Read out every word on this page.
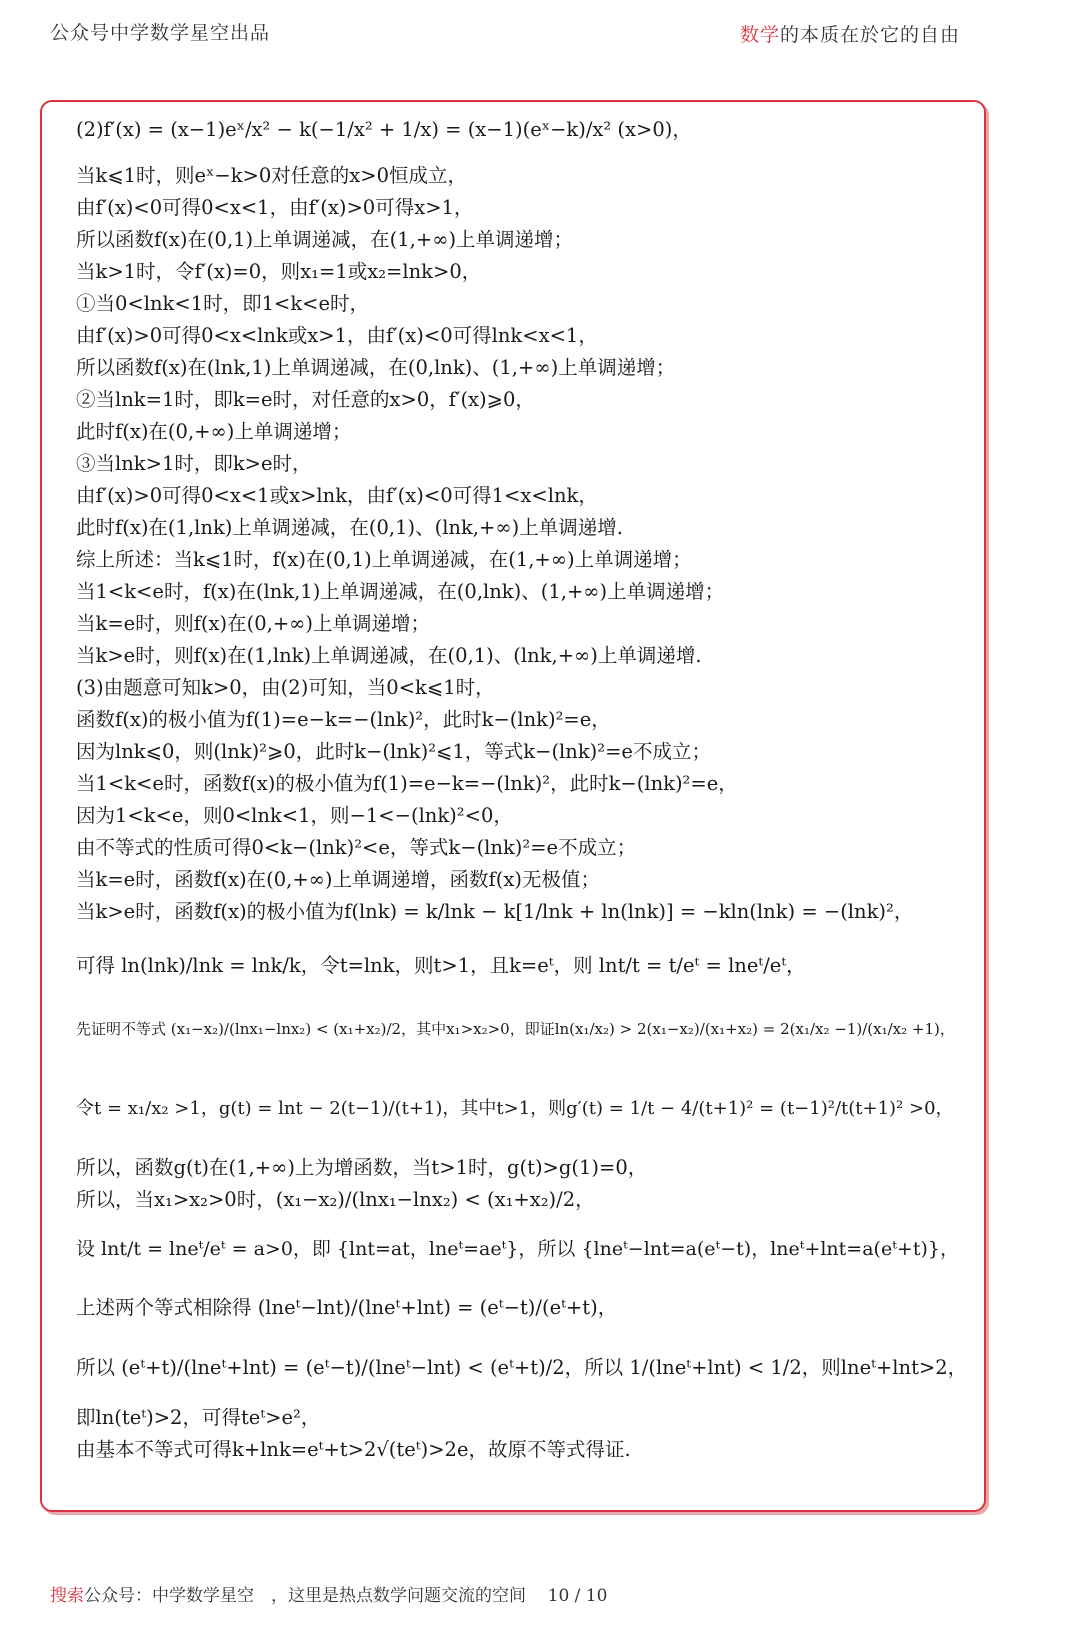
公众号中学数学星空出品	数学的本质在於它的自由
(2)f′(x) = (x−1)eˣ/x² − k(−1/x² + 1/x) = (x−1)(eˣ−k)/x² (x>0)，
当k⩽1时，则eˣ−k>0对任意的x>0恒成立，
由f′(x)<0可得0<x<1，由f′(x)>0可得x>1，
所以函数f(x)在(0,1)上单调递减，在(1,+∞)上单调递增；
当k>1时，令f′(x)=0，则x₁=1或x₂=lnk>0，
①当0<lnk<1时，即1<k<e时，
由f′(x)>0可得0<x<lnk或x>1，由f′(x)<0可得lnk<x<1，
所以函数f(x)在(lnk,1)上单调递减，在(0,lnk)、(1,+∞)上单调递增；
②当lnk=1时，即k=e时，对任意的x>0，f′(x)⩾0，
此时f(x)在(0,+∞)上单调递增；
③当lnk>1时，即k>e时，
由f′(x)>0可得0<x<1或x>lnk，由f′(x)<0可得1<x<lnk，
此时f(x)在(1,lnk)上单调递减，在(0,1)、(lnk,+∞)上单调递增.
综上所述：当k⩽1时，f(x)在(0,1)上单调递减，在(1,+∞)上单调递增；
当1<k<e时，f(x)在(lnk,1)上单调递减，在(0,lnk)、(1,+∞)上单调递增；
当k=e时，则f(x)在(0,+∞)上单调递增；
当k>e时，则f(x)在(1,lnk)上单调递减，在(0,1)、(lnk,+∞)上单调递增.
(3)由题意可知k>0，由(2)可知，当0<k⩽1时，
函数f(x)的极小值为f(1)=e−k=−(lnk)²，此时k−(lnk)²=e，
因为lnk⩽0，则(lnk)²⩾0，此时k−(lnk)²⩽1，等式k−(lnk)²=e不成立；
当1<k<e时，函数f(x)的极小值为f(1)=e−k=−(lnk)²，此时k−(lnk)²=e，
因为1<k<e，则0<lnk<1，则−1<−(lnk)²<0，
由不等式的性质可得0<k−(lnk)²<e，等式k−(lnk)²=e不成立；
当k=e时，函数f(x)在(0,+∞)上单调递增，函数f(x)无极值；
当k>e时，函数f(x)的极小值为f(lnk) = k/lnk − k[1/lnk + ln(lnk)] = −kln(lnk) = −(lnk)²，
可得 ln(lnk)/lnk = lnk/k，令t=lnk，则t>1，且k=eᵗ，则 lnt/t = t/eᵗ = lneᵗ/eᵗ，
先证明不等式 (x₁−x₂)/(lnx₁−lnx₂) < (x₁+x₂)/2，其中x₁>x₂>0，即证ln(x₁/x₂) > 2(x₁−x₂)/(x₁+x₂) = 2(x₁/x₂ −1)/(x₁/x₂ +1)，
令t = x₁/x₂ >1，g(t) = lnt − 2(t−1)/(t+1)，其中t>1，则g′(t) = 1/t − 4/(t+1)² = (t−1)²/t(t+1)² >0，
所以，函数g(t)在(1,+∞)上为增函数，当t>1时，g(t)>g(1)=0，
所以，当x₁>x₂>0时，(x₁−x₂)/(lnx₁−lnx₂) < (x₁+x₂)/2，
设 lnt/t = lneᵗ/eᵗ = a>0，即 {lnt=at，lneᵗ=aeᵗ}，所以 {lneᵗ−lnt=a(eᵗ−t)，lneᵗ+lnt=a(eᵗ+t)}，
上述两个等式相除得 (lneᵗ−lnt)/(lneᵗ+lnt) = (eᵗ−t)/(eᵗ+t)，
所以 (eᵗ+t)/(lneᵗ+lnt) = (eᵗ−t)/(lneᵗ−lnt) < (eᵗ+t)/2，所以 1/(lneᵗ+lnt) < 1/2，则lneᵗ+lnt>2，
即ln(teᵗ)>2，可得teᵗ>e²，
由基本不等式可得k+lnk=eᵗ+t>2√(teᵗ)>2e，故原不等式得证.
搜索公众号：中学数学星空　，这里是热点数学问题交流的空间 10 / 10
